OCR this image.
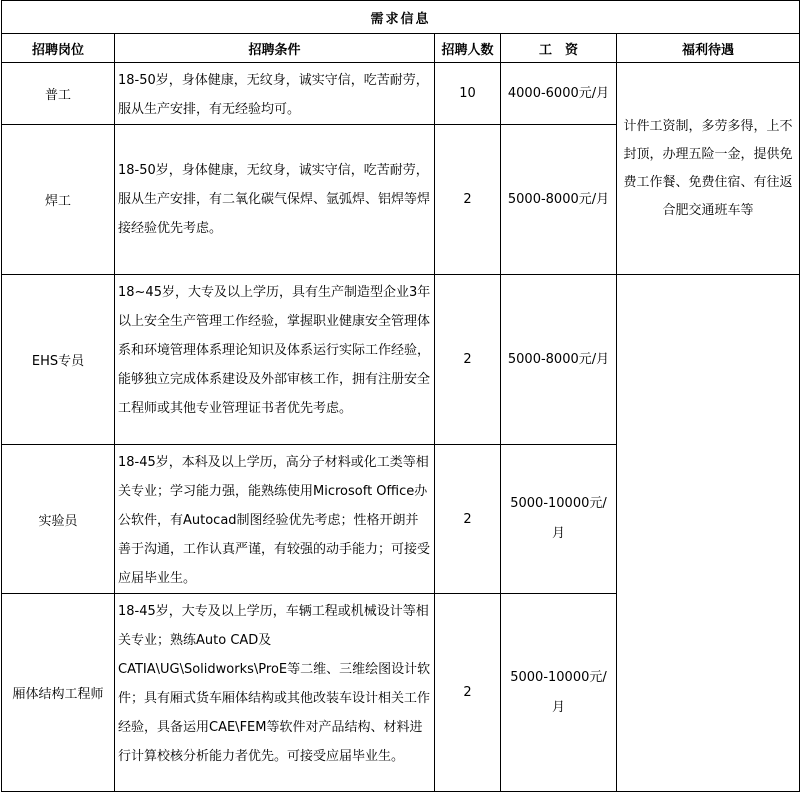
需求信息				
招聘岗位	招聘条件	招聘人数	工　资	福利待遇
普工	18-50岁，身体健康，无纹身，诚实守信，吃苦耐劳，服从生产安排，有无经验均可。	10	4000-6000元/月	计件工资制，多劳多得，上不封顶，办理五险一金，提供免费工作餐、免费住宿、有往返合肥交通班车等
焊工	18-50岁，身体健康，无纹身，诚实守信，吃苦耐劳，服从生产安排，有二氧化碳气保焊、氩弧焊、铝焊等焊接经验优先考虑。	2	5000-8000元/月	
EHS专员	18~45岁，大专及以上学历，具有生产制造型企业3年以上安全生产管理工作经验，掌握职业健康安全管理体系和环境管理体系理论知识及体系运行实际工作经验，能够独立完成体系建设及外部审核工作，拥有注册安全工程师或其他专业管理证书者优先考虑。	2	5000-8000元/月	
实验员	18-45岁，本科及以上学历，高分子材料或化工类等相关专业；学习能力强，能熟练使用Microsoft Office办公软件，有Autocad制图经验优先考虑；性格开朗并善于沟通，工作认真严谨，有较强的动手能力；可接受应届毕业生。	2	5000-10000元/月	
厢体结构工程师	18-45岁，大专及以上学历，车辆工程或机械设计等相关专业；熟练Auto CAD及CATIA\UG\Solidworks\ProE等二维、三维绘图设计软件；具有厢式货车厢体结构或其他改装车设计相关工作经验，具备运用CAE\FEM等软件对产品结构、材料进行计算校核分析能力者优先。可接受应届毕业生。	2	5000-10000元/月	
